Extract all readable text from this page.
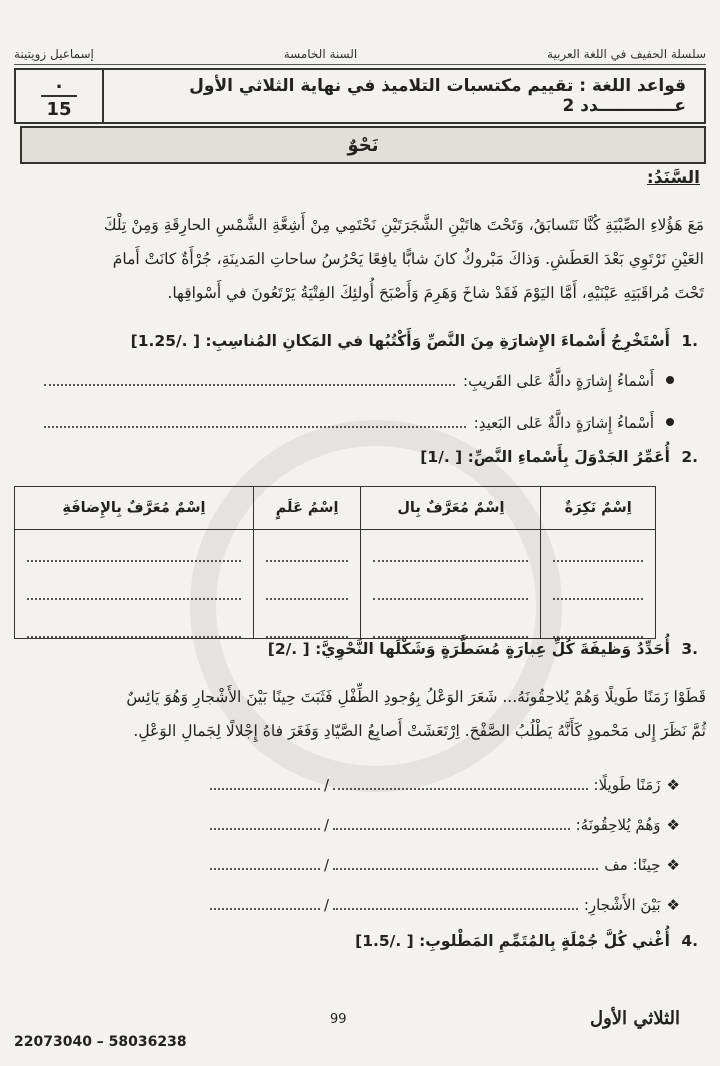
سلسلة الحفيف في اللغة العربية
السنة الخامسة
إسماعيل زويتينة
قواعد اللغة : تقييم مكتسبات التلاميذ في نهاية الثلاثي الأول عـــــــــــــدد 2
.
15
نَحْوٌ
السَّنَدُ:
مَعَ هَؤُلاءِ الصِّبْيَةِ كُنَّا نَتَسابَقُ، وَتَحْتَ هاتَيْنِ الشَّجَرَتَيْنِ نَحْتَمِي مِنْ أَشِعَّةِ الشَّمْسِ الحارِقَةِ وَمِنْ تِلْكَ
العَيْنِ نَرْتَوِي بَعْدَ العَطَشِ. وَذاكَ مَبْروكٌ كانَ شابًّا يافِعًا يَحْرُسُ ساحاتِ المَدينَةِ، جُرْأَةٌ كانَتْ أَمامَ
تَحْتَ مُراقَبَتِهِ عَيْنَيْهِ، أَمَّا اليَوْمَ فَقَدْ شاخَ وَهَرِمَ وَأَصْبَحَ أُولئِكَ الفِتْيَةُ يَرْتَعُونَ في أَسْواقِها.
.1 أَسْتَخْرِجُ أَسْماءَ الإِشارَةِ مِنَ النَّصِّ وَأَكْتُبُها في المَكانِ المُناسِبِ: [ ./1.25]
أَسْماءُ إِشارَةٍ دالَّةٌ عَلى القَريبِ:
أَسْماءُ إِشارَةٍ دالَّةٌ عَلى البَعيدِ:
.2 أُعَمِّرُ الجَدْوَلَ بِأَسْماءِ النَّصِّ: [ ./1]
اِسْمٌ نَكِرَةٌ	اِسْمٌ مُعَرَّفٌ بِال	اِسْمُ عَلَمٍ	اِسْمٌ مُعَرَّفٌ بِالإِضافَةِ

.3 أُحَدِّدُ وَظيفَةَ كُلِّ عِبارَةٍ مُسَطَّرَةٍ وَشَكْلَها النَّحْوِيَّ: [ ./2]
قَطَوْا زَمَنًا طَويلًا وَهُمْ يُلاحِقُونَهُ... شَعَرَ الوَعْلُ بِوُجودِ الطِّفْلِ فَثَبَتَ حِينًا بَيْنَ الأَشْجارِ وَهُوَ يَائِسٌ
ثُمَّ نَظَرَ إِلى مَحْمودٍ كَأَنَّهُ يَطْلُبُ الصَّفْحَ. اِرْتَعَشَتْ أَصابِعُ الصَّيّادِ وَفَغَرَ فاهُ إِجْلالًا لِجَمالِ الوَعْلِ.
❖
زَمَنًا طَويلًا:
/
❖
وَهُمْ يُلاحِقُونَهُ:
/
❖
حِينًا: مف
/
❖
بَيْنَ الأَشْجارِ:
/
.4 أُغْني كُلَّ جُمْلَةٍ بِالمُتَمِّمِ المَطْلوبِ: [ ./1.5]
99	الثلاثي الأول
22073040 – 58036238
